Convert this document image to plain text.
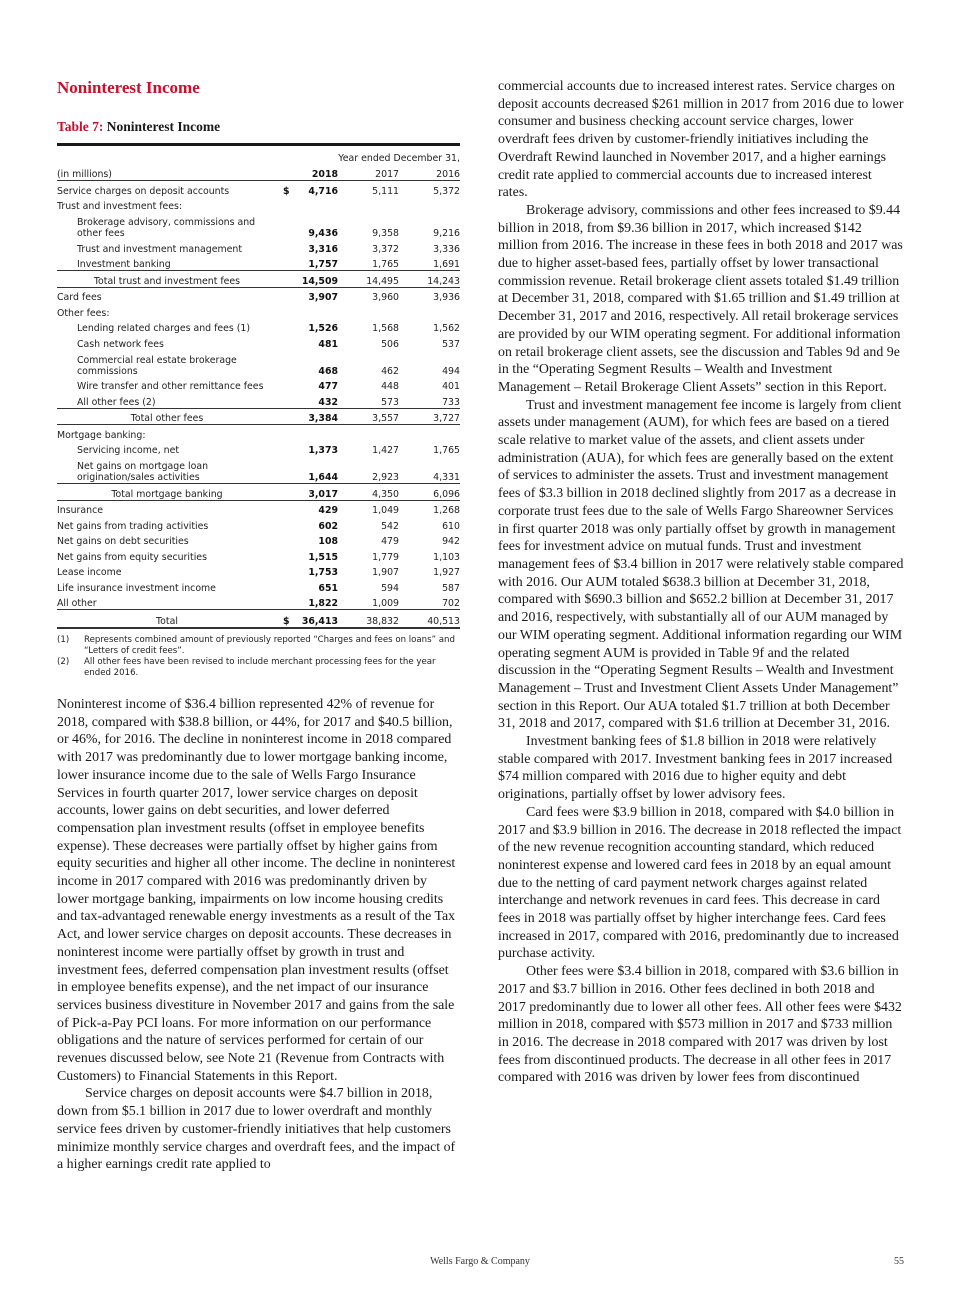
Noninterest Income
Table 7: Noninterest Income
	Year ended December 31,		
(in millions)	2018	2017	2016
Service charges on deposit accounts	$ 4,716	5,111	5,372
Trust and investment fees:			

Brokerage advisory, commissions and other fees	9,436	9,358	9,216

Trust and investment management	3,316	3,372	3,336

Investment banking	1,757	1,765	1,691

Total trust and investment fees	14,509	14,495	14,243
Card fees	3,907	3,960	3,936
Other fees:			

Lending related charges and fees (1)	1,526	1,568	1,562

Cash network fees	481	506	537

Commercial real estate brokerage commissions	468	462	494

Wire transfer and other remittance fees	477	448	401

All other fees (2)	432	573	733

Total other fees	3,384	3,557	3,727
Mortgage banking:			

Servicing income, net	1,373	1,427	1,765

Net gains on mortgage loan origination/sales activities	1,644	2,923	4,331

Total mortgage banking	3,017	4,350	6,096
Insurance	429	1,049	1,268
Net gains from trading activities	602	542	610
Net gains on debt securities	108	479	942
Net gains from equity securities	1,515	1,779	1,103
Lease income	1,753	1,907	1,927
Life insurance investment income	651	594	587
All other	1,822	1,009	702

Total	$ 36,413	38,832	40,513
(1)	Represents combined amount of previously reported “Charges and fees on loans” and “Letters of credit fees”.
(2)	All other fees have been revised to include merchant processing fees for the year ended 2016.

Noninterest income of $36.4 billion represented 42% of revenue for 2018, compared with $38.8 billion, or 44%, for 2017 and $40.5 billion, or 46%, for 2016. The decline in noninterest income in 2018 compared with 2017 was predominantly due to lower mortgage banking income, lower insurance income due to the sale of Wells Fargo Insurance Services in fourth quarter 2017, lower service charges on deposit accounts, lower gains on debt securities, and lower deferred compensation plan investment results (offset in employee benefits expense). These decreases were partially offset by higher gains from equity securities and higher all other income. The decline in noninterest income in 2017 compared with 2016 was predominantly driven by lower mortgage banking, impairments on low income housing credits and tax-advantaged renewable energy investments as a result of the Tax Act, and lower service charges on deposit accounts. These decreases in noninterest income were partially offset by growth in trust and investment fees, deferred compensation plan investment results (offset in employee benefits expense), and the net impact of our insurance services business divestiture in November 2017 and gains from the sale of Pick-a-Pay PCI loans. For more information on our performance obligations and the nature of services performed for certain of our revenues discussed below, see Note 21 (Revenue from Contracts with Customers) to Financial Statements in this Report.

Service charges on deposit accounts were $4.7 billion in 2018, down from $5.1 billion in 2017 due to lower overdraft and monthly service fees driven by customer-friendly initiatives that help customers minimize monthly service charges and overdraft fees, and the impact of a higher earnings credit rate applied to

commercial accounts due to increased interest rates. Service charges on deposit accounts decreased $261 million in 2017 from 2016 due to lower consumer and business checking account service charges, lower overdraft fees driven by customer-friendly initiatives including the Overdraft Rewind launched in November 2017, and a higher earnings credit rate applied to commercial accounts due to increased interest rates.

Brokerage advisory, commissions and other fees increased to $9.44 billion in 2018, from $9.36 billion in 2017, which increased $142 million from 2016. The increase in these fees in both 2018 and 2017 was due to higher asset-based fees, partially offset by lower transactional commission revenue. Retail brokerage client assets totaled $1.49 trillion at December 31, 2018, compared with $1.65 trillion and $1.49 trillion at December 31, 2017 and 2016, respectively. All retail brokerage services are provided by our WIM operating segment. For additional information on retail brokerage client assets, see the discussion and Tables 9d and 9e in the “Operating Segment Results – Wealth and Investment Management – Retail Brokerage Client Assets” section in this Report.

Trust and investment management fee income is largely from client assets under management (AUM), for which fees are based on a tiered scale relative to market value of the assets, and client assets under administration (AUA), for which fees are generally based on the extent of services to administer the assets. Trust and investment management fees of $3.3 billion in 2018 declined slightly from 2017 as a decrease in corporate trust fees due to the sale of Wells Fargo Shareowner Services in first quarter 2018 was only partially offset by growth in management fees for investment advice on mutual funds. Trust and investment management fees of $3.4 billion in 2017 were relatively stable compared with 2016. Our AUM totaled $638.3 billion at December 31, 2018, compared with $690.3 billion and $652.2 billion at December 31, 2017 and 2016, respectively, with substantially all of our AUM managed by our WIM operating segment. Additional information regarding our WIM operating segment AUM is provided in Table 9f and the related discussion in the “Operating Segment Results – Wealth and Investment Management – Trust and Investment Client Assets Under Management” section in this Report. Our AUA totaled $1.7 trillion at both December 31, 2018 and 2017, compared with $1.6 trillion at December 31, 2016.

Investment banking fees of $1.8 billion in 2018 were relatively stable compared with 2017. Investment banking fees in 2017 increased $74 million compared with 2016 due to higher equity and debt originations, partially offset by lower advisory fees.

Card fees were $3.9 billion in 2018, compared with $4.0 billion in 2017 and $3.9 billion in 2016. The decrease in 2018 reflected the impact of the new revenue recognition accounting standard, which reduced noninterest expense and lowered card fees in 2018 by an equal amount due to the netting of card payment network charges against related interchange and network revenues in card fees. This decrease in card fees in 2018 was partially offset by higher interchange fees. Card fees increased in 2017, compared with 2016, predominantly due to increased purchase activity.

Other fees were $3.4 billion in 2018, compared with $3.6 billion in 2017 and $3.7 billion in 2016. Other fees declined in both 2018 and 2017 predominantly due to lower all other fees. All other fees were $432 million in 2018, compared with $573 million in 2017 and $733 million in 2016. The decrease in 2018 compared with 2017 was driven by lost fees from discontinued products. The decrease in all other fees in 2017 compared with 2016 was driven by lower fees from discontinued

Wells Fargo & Company	55
